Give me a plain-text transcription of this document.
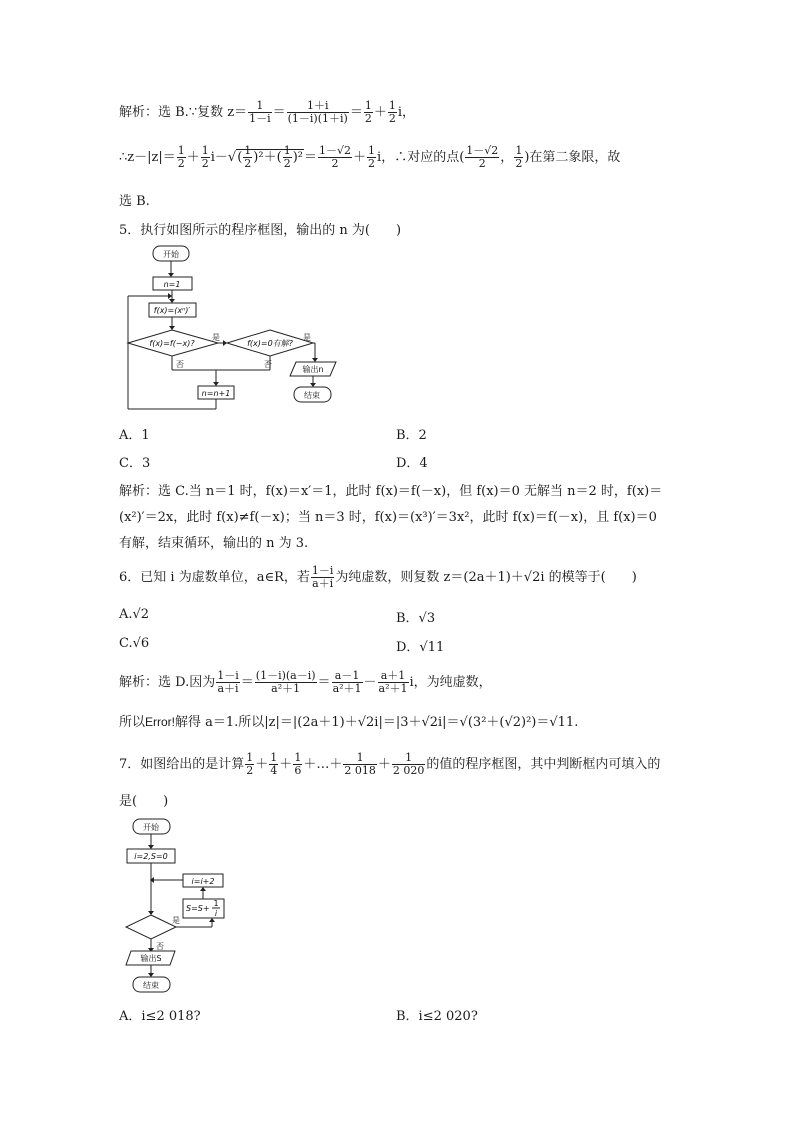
解析：选 B.∵复数 $z= \frac{1}{1-i} = \frac{1+i}{(1-i)(1+i)} = \frac{1}{2} + \frac{1}{2}$ i，
∴z－|z|＝ $\frac{1}{2} + \frac{1}{2} i-√( \frac{1}{2} )^2+( \frac{1}{2} )^2= \frac{1-√2}{2} + \frac{1}{2}$ i，∴对应的点( $\frac{1-√2}{2}$ ， $\frac{1}{2}$ )在第二象限，故
选 B.
5．执行如图所示的程序框图，输出的 n 为(　　)
开始
n=1
f(x)=(xⁿ)′
f(x)=f(−x)?
是
f(x)=0有解?
是
输出n
结束
否	否
n=n+1
A．1	B．2
C．3	D．4
解析：选 C.当 n＝1 时，f(x)＝x′＝1，此时 f(x)＝f(－x)，但 f(x)＝0 无解当 n＝2 时，f(x)＝
(x²)′＝2x，此时 f(x)≠f(－x)；当 n＝3 时，f(x)＝(x³)′＝3x²，此时 f(x)＝f(－x)，且 f(x)＝0
有解，结束循环，输出的 n 为 3.
6．已知 i 为虚数单位，a∈R，若 $\frac{1-i}{a+i}$ 为纯虚数，则复数 z＝(2a＋1)＋√2i 的模等于(　　)
A.√2	B．√3
C.√6	D．√11
解析：选 D.因为 $\frac{1-i}{a+i} = \frac{(1-i)(a-i)}{\text{a²＋1}} = \frac{a-1}{\text{a²＋1}} - \frac{a+1}{\text{a²＋1}}$ i，为纯虚数，
所以Error!解得 a＝1.所以|z|＝|(2a＋1)＋√2i|＝|3＋√2i|＝√(3²＋(√2)²)＝√11.
7．如图给出的是计算 $\frac{1}{2} + \frac{1}{4} + \frac{1}{6}$ ＋…＋ $\frac{1}{2 018} + \frac{1}{2 020}$ 的值的程序框图，其中判断框内可填入的
是(　　)
开始
i=2,S=0
i=i+2
S=S+
1
i
是
否
输出S
结束
A．i≤2 018?	B．i≤2 020?
